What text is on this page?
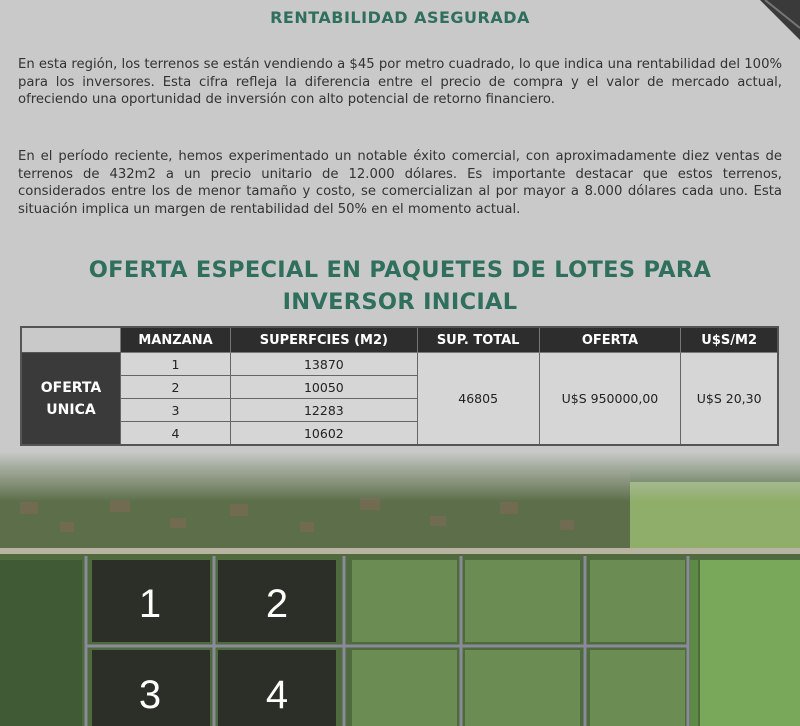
RENTABILIDAD ASEGURADA
En esta región, los terrenos se están vendiendo a $45 por metro cuadrado, lo que indica una rentabilidad del 100% para los inversores. Esta cifra refleja la diferencia entre el precio de compra y el valor de mercado actual, ofreciendo una oportunidad de inversión con alto potencial de retorno financiero.
En el período reciente, hemos experimentado un notable éxito comercial, con aproximadamente diez ventas de terrenos de 432m2 a un precio unitario de 12.000 dólares. Es importante destacar que estos terrenos, considerados entre los de menor tamaño y costo, se comercializan al por mayor a 8.000 dólares cada uno. Esta situación implica un margen de rentabilidad del 50% en el momento actual.
OFERTA ESPECIAL EN PAQUETES DE LOTES PARA
INVERSOR INICIAL
	MANZANA	SUPERFCIES (M2)	SUP. TOTAL	OFERTA	U$S/M2

OFERTA
UNICA	1	13870	46805	U$S 950000,00	U$S 20,30
	2	10050			
	3	12283			
	4	10602			
1	2
3	4
